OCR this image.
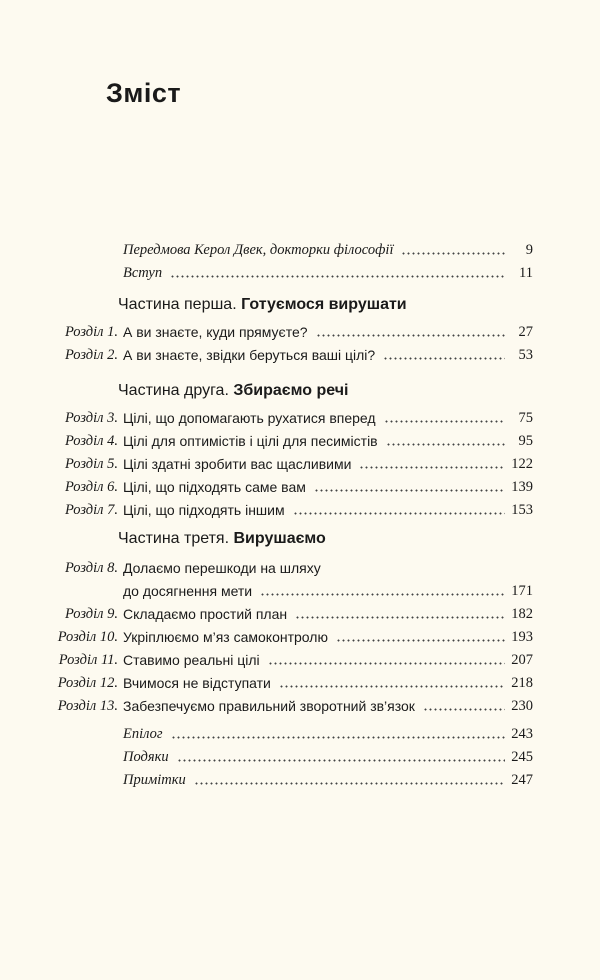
Зміст
Передмова Керол Двек, докторки філософії	9
Вступ	11
Частина перша. Готуємося вирушати
Розділ 1. А ви знаєте, куди прямуєте?	27
Розділ 2. А ви знаєте, звідки беруться ваші цілі?	53
Частина друга. Збираємо речі
Розділ 3. Цілі, що допомагають рухатися вперед	75
Розділ 4. Цілі для оптимістів і цілі для песимістів	95
Розділ 5. Цілі здатні зробити вас щасливими	122
Розділ 6. Цілі, що підходять саме вам	139
Розділ 7. Цілі, що підходять іншим	153
Частина третя. Вирушаємо
Розділ 8. Долаємо перешкоди на шляху
до досягнення мети	171
Розділ 9. Складаємо простий план	182
Розділ 10. Укріплюємо м’яз самоконтролю	193
Розділ 11. Ставимо реальні цілі	207
Розділ 12. Вчимося не відступати	218
Розділ 13. Забезпечуємо правильний зворотний зв’язок	230
Епілог	243
Подяки	245
Примітки	247
